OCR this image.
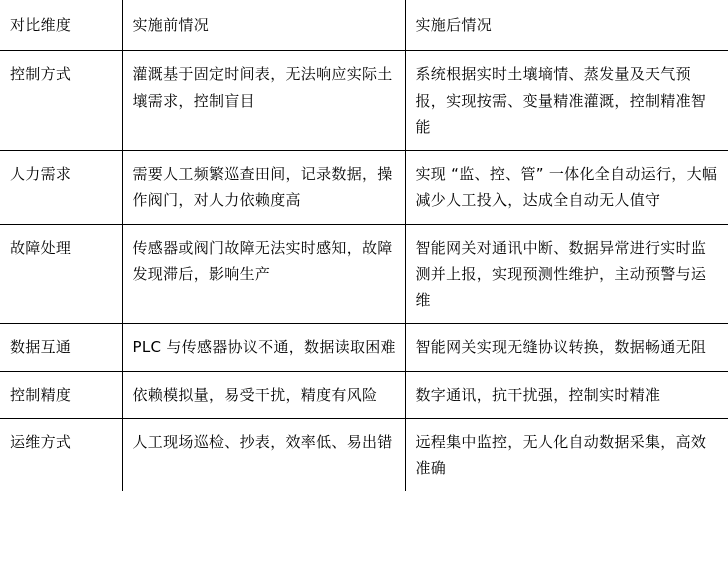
对比维度	实施前情况	实施后情况
控制方式	灌溉基于固定时间表，无法响应实际土壤需求，控制盲目	系统根据实时土壤墒情、蒸发量及天气预报，实现按需、变量精准灌溉，控制精准智能
人力需求	需要人工频繁巡查田间，记录数据，操作阀门，对人力依赖度高	实现 “监、控、管” 一体化全自动运行，大幅减少人工投入，达成全自动无人值守
故障处理	传感器或阀门故障无法实时感知，故障发现滞后，影响生产	智能网关对通讯中断、数据异常进行实时监测并上报，实现预测性维护，主动预警与运维
数据互通	PLC 与传感器协议不通，数据读取困难	智能网关实现无缝协议转换，数据畅通无阻
控制精度	依赖模拟量，易受干扰，精度有风险	数字通讯，抗干扰强，控制实时精准
运维方式	人工现场巡检、抄表，效率低、易出错	远程集中监控，无人化自动数据采集，高效准确
